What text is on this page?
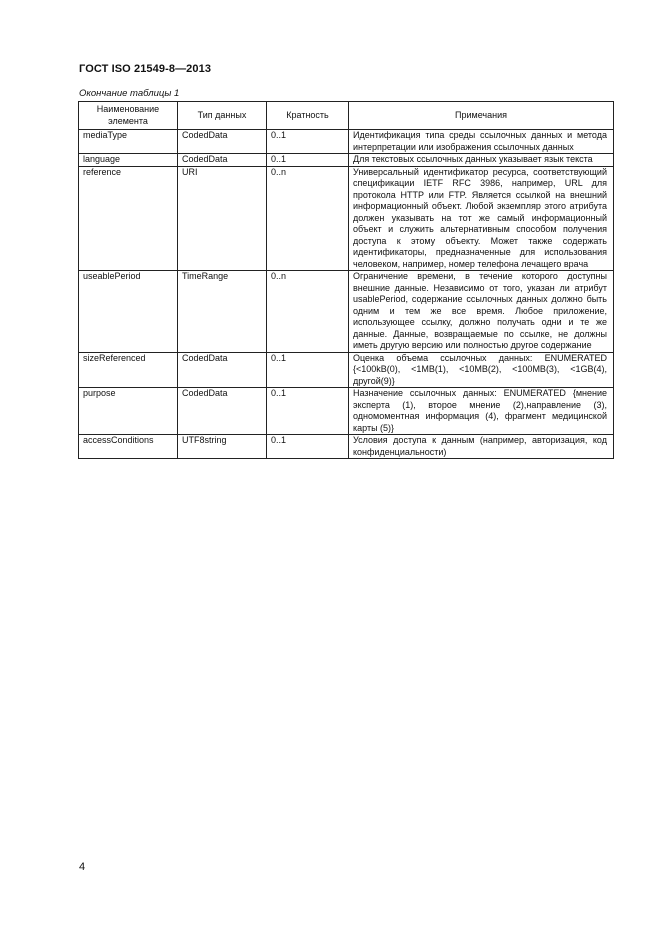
ГОСТ ISO 21549-8—2013
Окончание таблицы 1
Наименование элемента	Тип данных	Кратность	Примечания
mediaType	CodedData	0..1	Идентификация типа среды ссылочных данных и метода интерпретации или изображения ссылочных данных
language	CodedData	0..1	Для текстовых ссылочных данных указывает язык текста
reference	URI	0..n	Универсальный идентификатор ресурса, соответствующий спецификации IETF RFC 3986, например, URL для протокола HTTP или FTP. Является ссылкой на внешний информационный объект. Любой экземпляр этого атрибута должен указывать на тот же самый информационный объект и служить альтернативным способом получения доступа к этому объекту. Может также содержать идентификаторы, предназначенные для использования человеком, например, номер телефона лечащего врача
useablePeriod	TimeRange	0..n	Ограничение времени, в течение которого доступны внешние данные. Независимо от того, указан ли атрибут usablePeriod, содержание ссылочных данных должно быть одним и тем же все время. Любое приложение, использующее ссылку, должно получать одни и те же данные. Данные, возвращаемые по ссылке, не должны иметь другую версию или полностью другое содержание
sizeReferenced	CodedData	0..1	Оценка объема ссылочных данных: ENUMERATED {<100kB(0), <1MB(1), <10MB(2), <100MB(3), <1GB(4), другой(9)}
purpose	CodedData	0..1	Назначение ссылочных данных: ENUMERATED {мнение эксперта (1), второе мнение (2),направление (3), одномоментная информация (4), фрагмент медицинской карты (5)}
accessConditions	UTF8string	0..1	Условия доступа к данным (например, авторизация, код конфиденциальности)
4
